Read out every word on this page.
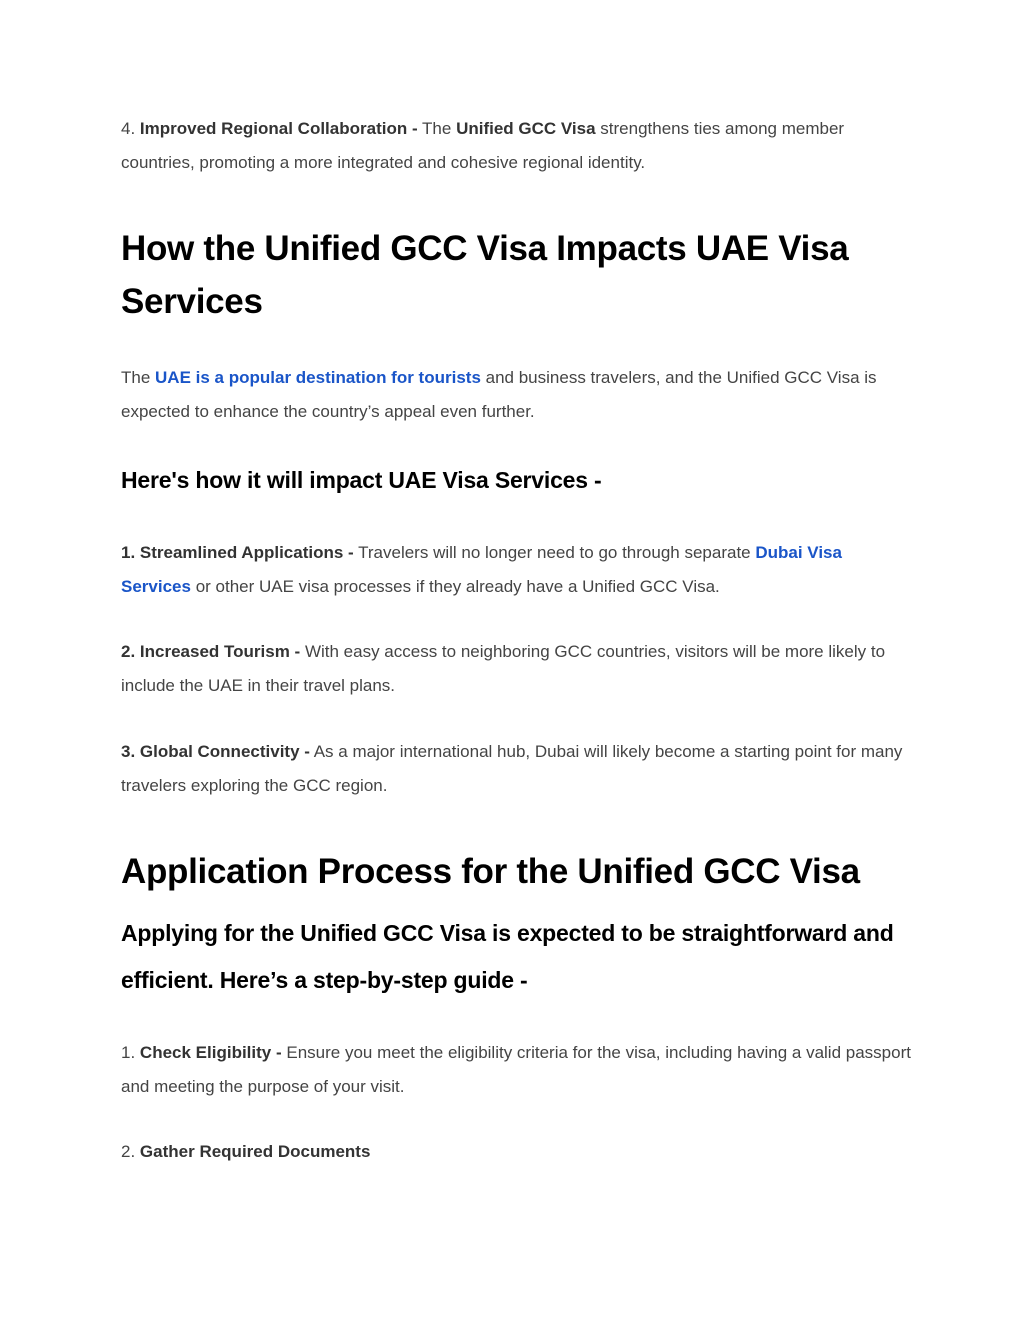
4. Improved Regional Collaboration - The Unified GCC Visa strengthens ties among member countries, promoting a more integrated and cohesive regional identity.

How the Unified GCC Visa Impacts UAE Visa Services

The UAE is a popular destination for tourists and business travelers, and the Unified GCC Visa is expected to enhance the country’s appeal even further.

Here's how it will impact UAE Visa Services -

1. Streamlined Applications - Travelers will no longer need to go through separate Dubai Visa Services or other UAE visa processes if they already have a Unified GCC Visa.

2. Increased Tourism - With easy access to neighboring GCC countries, visitors will be more likely to include the UAE in their travel plans.

3. Global Connectivity - As a major international hub, Dubai will likely become a starting point for many travelers exploring the GCC region.

Application Process for the Unified GCC Visa
Applying for the Unified GCC Visa is expected to be straightforward and efficient. Here’s a step-by-step guide -

1. Check Eligibility - Ensure you meet the eligibility criteria for the visa, including having a valid passport and meeting the purpose of your visit.

2. Gather Required Documents
